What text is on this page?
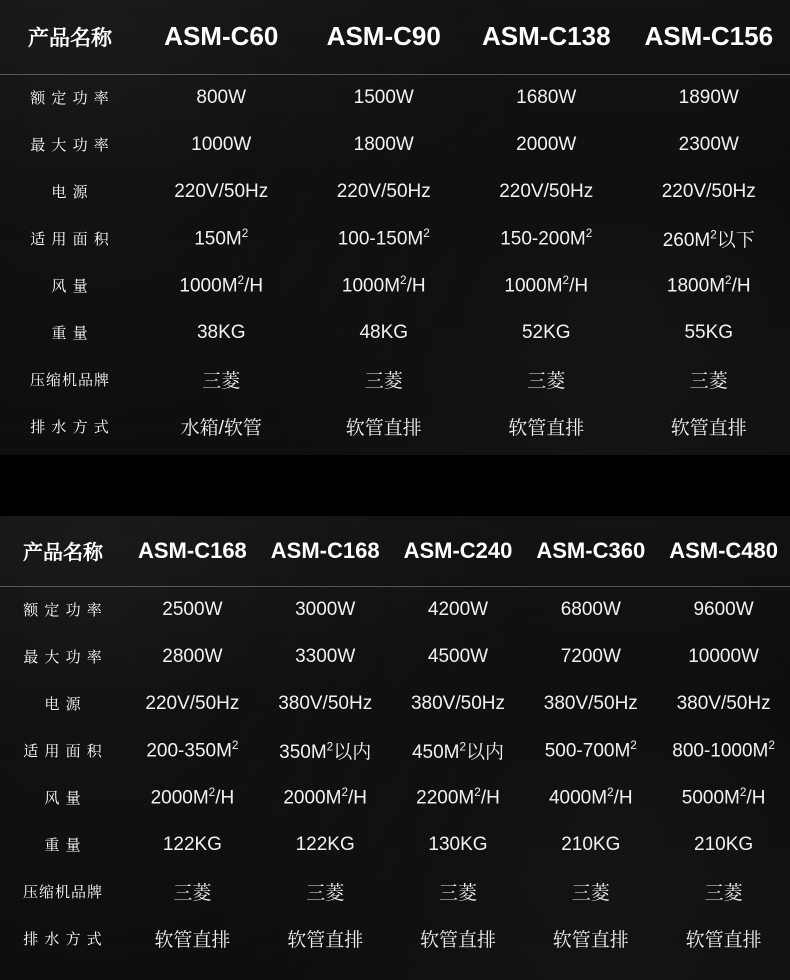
产品名称	ASM-C60	ASM-C90	ASM-C138	ASM-C156
额 定 功 率	800W	1500W	1680W	1890W
最 大 功 率	1000W	1800W	2000W	2300W
电 源	220V/50Hz	220V/50Hz	220V/50Hz	220V/50Hz
适 用 面 积	$150M^2$	$100-150M^2$	$150-200M^2$	$260M^2$以下
风 量	$1000M^2/H$	$1000M^2/H$	$1000M^2/H$	$1800M^2/H$
重 量	38KG	48KG	52KG	55KG
压缩机品牌	三菱	三菱	三菱	三菱
排 水 方 式	水箱/软管	软管直排	软管直排	软管直排
产品名称	ASM-C168	ASM-C168	ASM-C240	ASM-C360	ASM-C480
额 定 功 率	2500W	3000W	4200W	6800W	9600W
最 大 功 率	2800W	3300W	4500W	7200W	10000W
电 源	220V/50Hz	380V/50Hz	380V/50Hz	380V/50Hz	380V/50Hz
适 用 面 积	$200-350M^2$	$350M^2$以内	$450M^2$以内	$500-700M^2$	$800-1000M^2$
风 量	$2000M^2/H$	$2000M^2/H$	$2200M^2/H$	$4000M^2/H$	$5000M^2/H$
重 量	122KG	122KG	130KG	210KG	210KG
压缩机品牌	三菱	三菱	三菱	三菱	三菱
排 水 方 式	软管直排	软管直排	软管直排	软管直排	软管直排
